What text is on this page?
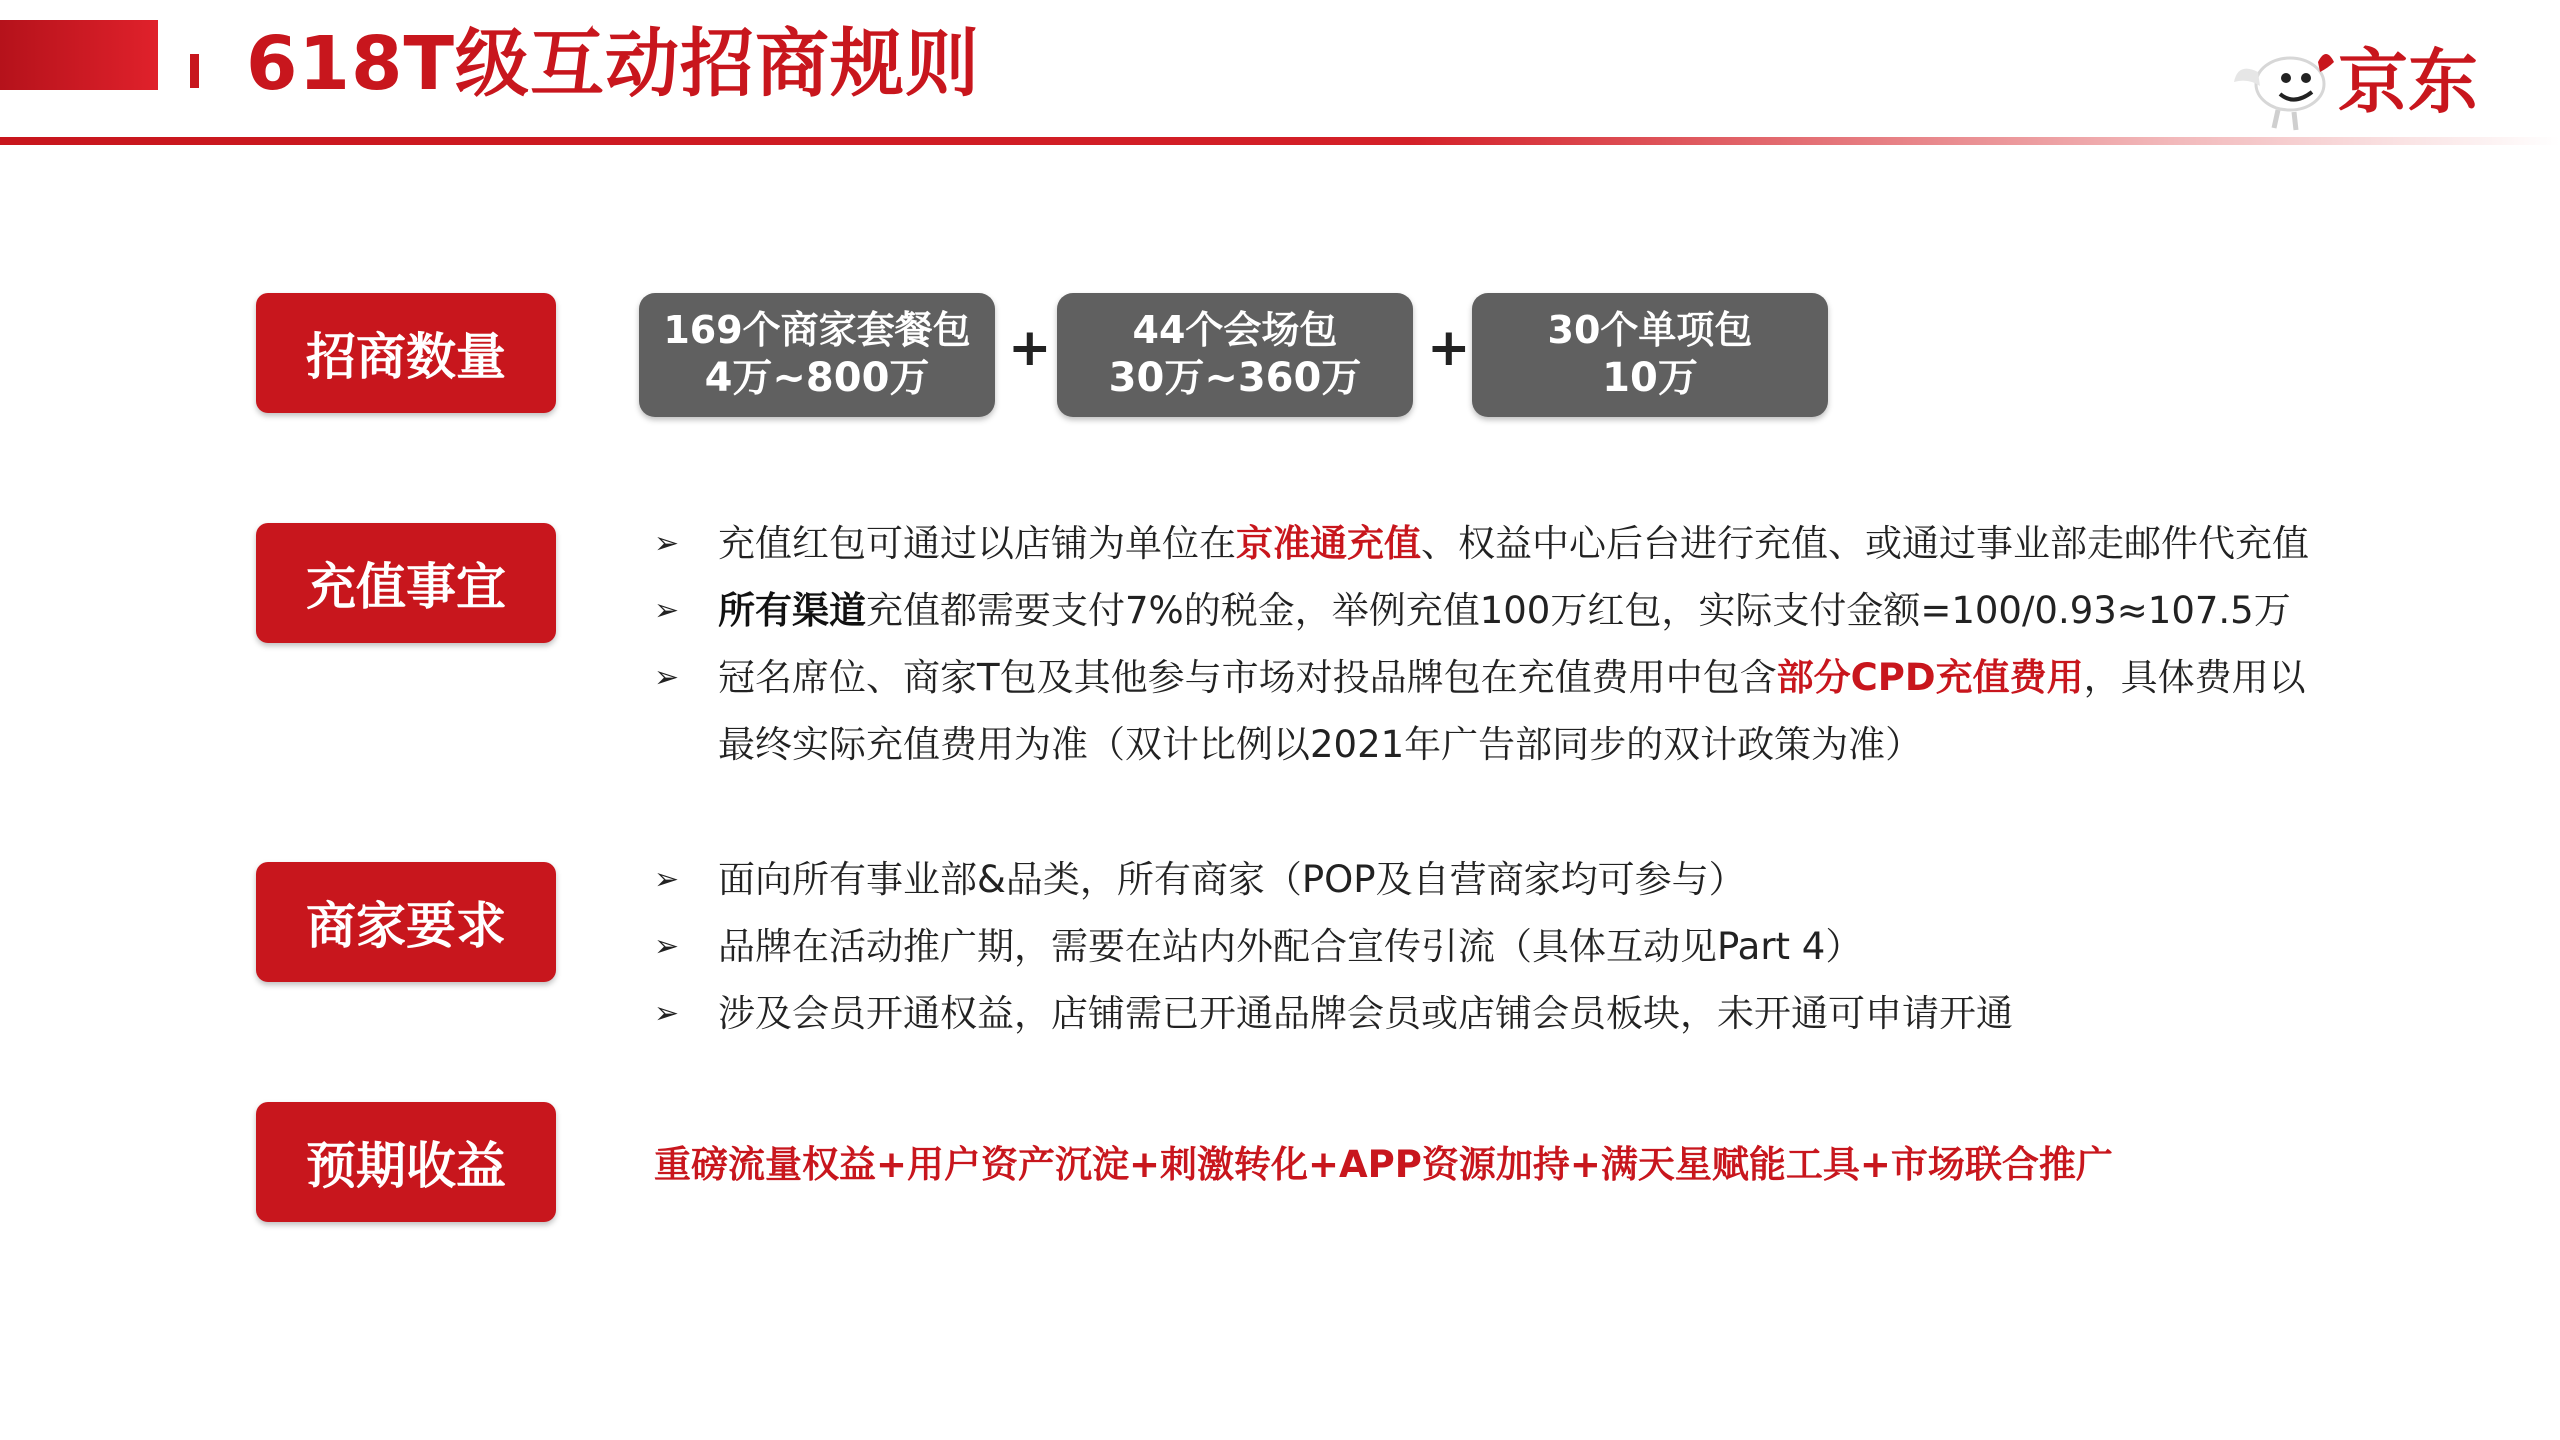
618T级互动招商规则	京东
招商数量	169个商家套餐包
4万~800万 + 44个会场包
30万~360万 + 30个单项包
10万
充值事宜
➢ 充值红包可通过以店铺为单位在京准通充值、权益中心后台进行充值、或通过事业部走邮件代充值
➢ 所有渠道充值都需要支付7%的税金，举例充值100万红包，实际支付金额=100/0.93≈107.5万
➢ 冠名席位、商家T包及其他参与市场对投品牌包在充值费用中包含部分CPD充值费用，具体费用以
最终实际充值费用为准（双计比例以2021年广告部同步的双计政策为准）
商家要求
➢ 面向所有事业部&品类，所有商家（POP及自营商家均可参与）
➢ 品牌在活动推广期，需要在站内外配合宣传引流（具体互动见Part 4）
➢ 涉及会员开通权益，店铺需已开通品牌会员或店铺会员板块，未开通可申请开通
预期收益	重磅流量权益+用户资产沉淀+刺激转化+APP资源加持+满天星赋能工具+市场联合推广
